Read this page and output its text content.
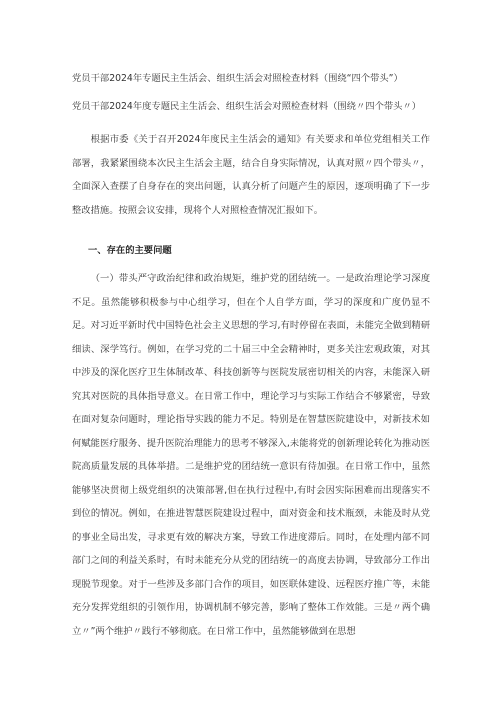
党员干部2024年专题民主生活会、组织生活会对照检查材料（围绕“四个带头”）
党员干部2024年度专题民主生活会、组织生活会对照检查材料（围绕〃四个带头〃）

根据市委《关于召开2024年度民主生活会的通知》有关要求和单位党组相关工作部署，我紧紧围绕本次民主生活会主题，结合自身实际情况，认真对照〃四个带头〃，全面深入查摆了自身存在的突出问题，认真分析了问题产生的原因，逐项明确了下一步整改措施。按照会议安排，现将个人对照检查情况汇报如下。

一、存在的主要问题

（一）带头严守政治纪律和政治规矩，维护党的团结统一。一是政治理论学习深度不足。虽然能够积极参与中心组学习，但在个人自学方面，学习的深度和广度仍显不足。对习近平新时代中国特色社会主义思想的学习,有时停留在表面，未能完全做到精研细读、深学笃行。例如，在学习党的二十届三中全会精神时，更多关注宏观政策，对其中涉及的深化医疗卫生体制改革、科技创新等与医院发展密切相关的内容，未能深入研究其对医院的具体指导意义。在日常工作中，理论学习与实际工作结合不够紧密，导致在面对复杂问题时，理论指导实践的能力不足。特别是在智慧医院建设中，对新技术如何赋能医疗服务、提升医院治理能力的思考不够深入,未能将党的创新理论转化为推动医院高质量发展的具体举措。二是维护党的团结统一意识有待加强。在日常工作中，虽然能够坚决贯彻上级党组织的决策部署,但在执行过程中,有时会因实际困难而出现落实不到位的情况。例如，在推进智慧医院建设过程中，面对资金和技术瓶颈，未能及时从党的事业全局出发，寻求更有效的解决方案，导致工作进度滞后。同时，在处理内部不同部门之间的利益关系时，有时未能充分从党的团结统一的高度去协调，导致部分工作出现脱节现象。对于一些涉及多部门合作的项目，如医联体建设、远程医疗推广等，未能充分发挥党组织的引领作用，协调机制不够完善，影响了整体工作效能。三是〃两个确立〃”两个维护〃践行不够彻底。在日常工作中，虽然能够做到在思想
